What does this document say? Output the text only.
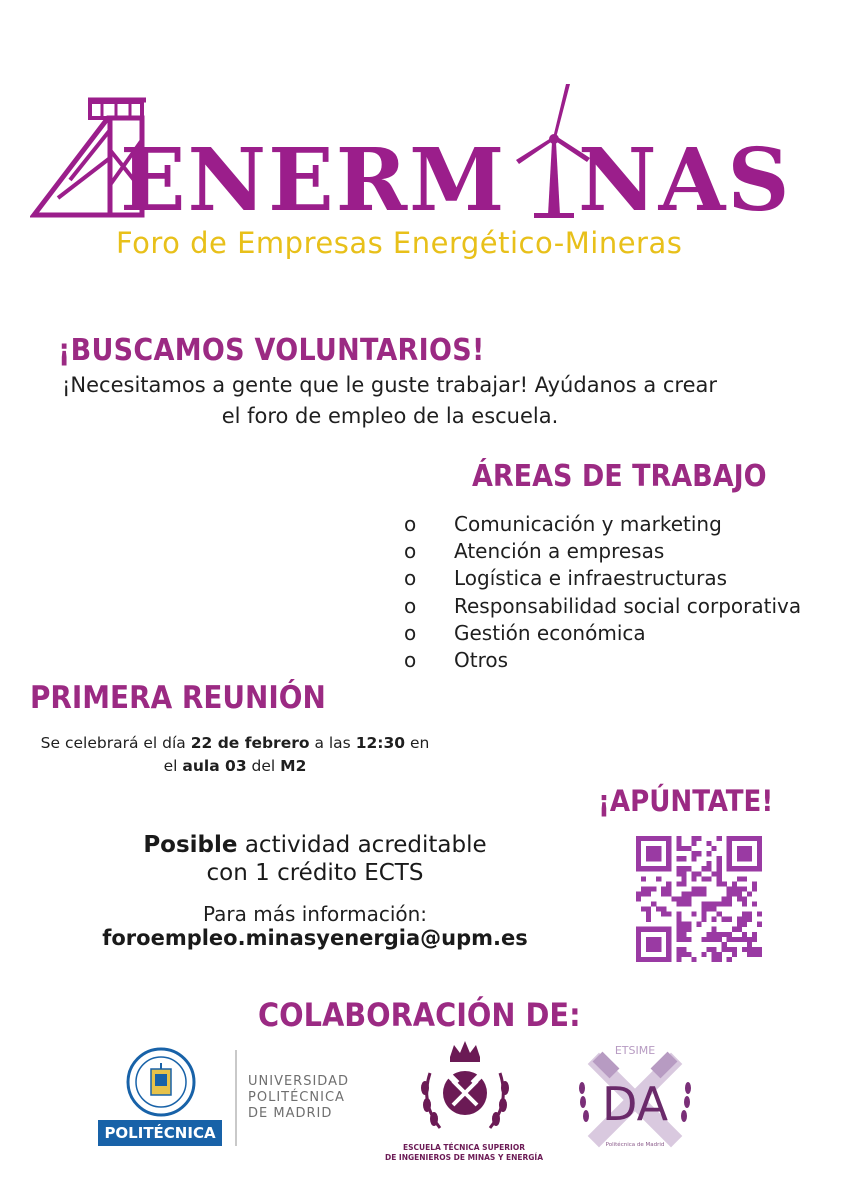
ENERM NAS
Foro de Empresas Energético-Mineras
¡BUSCAMOS VOLUNTARIOS!
¡Necesitamos a gente que le guste trabajar! Ayúdanos a crear
el foro de empleo de la escuela.
ÁREAS DE TRABAJO
o	Comunicación y marketing
o	Atención a empresas
o	Logística e infraestructuras
o	Responsabilidad social corporativa
o	Gestión económica
o	Otros
PRIMERA REUNIÓN
Se celebrará el día 22 de febrero a las 12:30 en
el aula 03 del M2
¡APÚNTATE!
Posible actividad acreditable
con 1 crédito ECTS
Para más información:
foroempleo.minasyenergia@upm.es
COLABORACIÓN DE:
POLITÉCNICA
UNIVERSIDAD
POLITÉCNICA
DE MADRID
ESCUELA TÉCNICA SUPERIOR
DE INGENIEROS DE MINAS Y ENERGÍA
ETSIME
DA
Politécnica de Madrid
